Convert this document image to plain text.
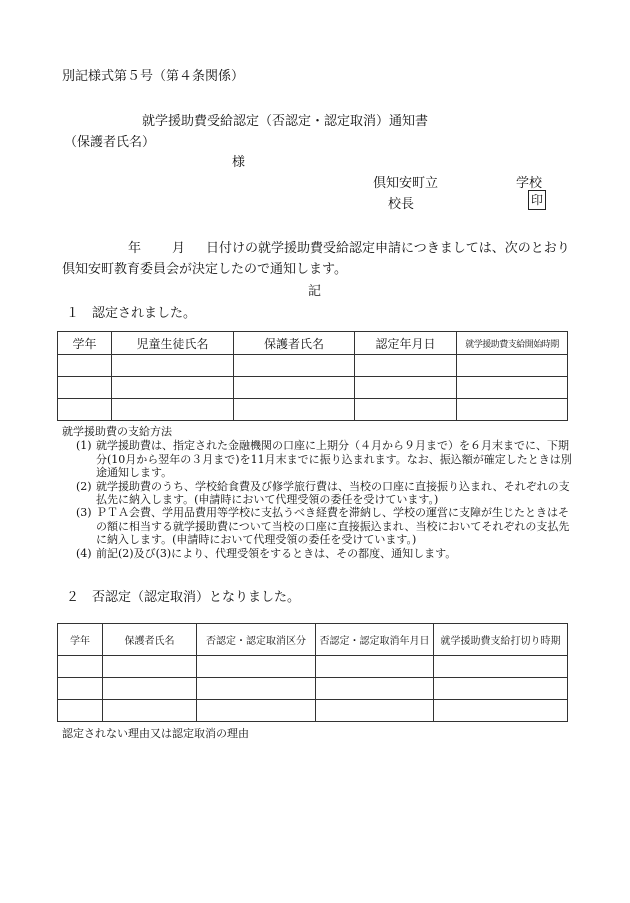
別記様式第５号（第４条関係）
就学援助費受給認定（否認定・認定取消）通知書
（保護者氏名）
様
倶知安町立	学校
校長	印
年 月 日付けの就学援助費受給認定申請につきましては、次のとおり
倶知安町教育委員会が決定したので通知します。
記
１　認定されました。
学年	児童生徒氏名	保護者氏名	認定年月日	就学援助費支給開始時期

就学援助費の支給方法
(1) 就学援助費は、指定された金融機関の口座に上期分（４月から９月まで）を６月末までに、下期分(10月から翌年の３月まで)を11月末までに振り込まれます。なお、振込額が確定したときは別途通知します。
(2) 就学援助費のうち、学校給食費及び修学旅行費は、当校の口座に直接振り込まれ、それぞれの支払先に納入します。(申請時において代理受領の委任を受けています。)
(3) ＰＴＡ会費、学用品費用等学校に支払うべき経費を滞納し、学校の運営に支障が生じたときはその額に相当する就学援助費について当校の口座に直接振込まれ、当校においてそれぞれの支払先に納入します。(申請時において代理受領の委任を受けています。)
(4) 前記(2)及び(3)により、代理受領をするときは、その都度、通知します。
２　否認定（認定取消）となりました。
学年	保護者氏名	否認定・認定取消区分	否認定・認定取消年月日	就学援助費支給打切り時期

認定されない理由又は認定取消の理由
